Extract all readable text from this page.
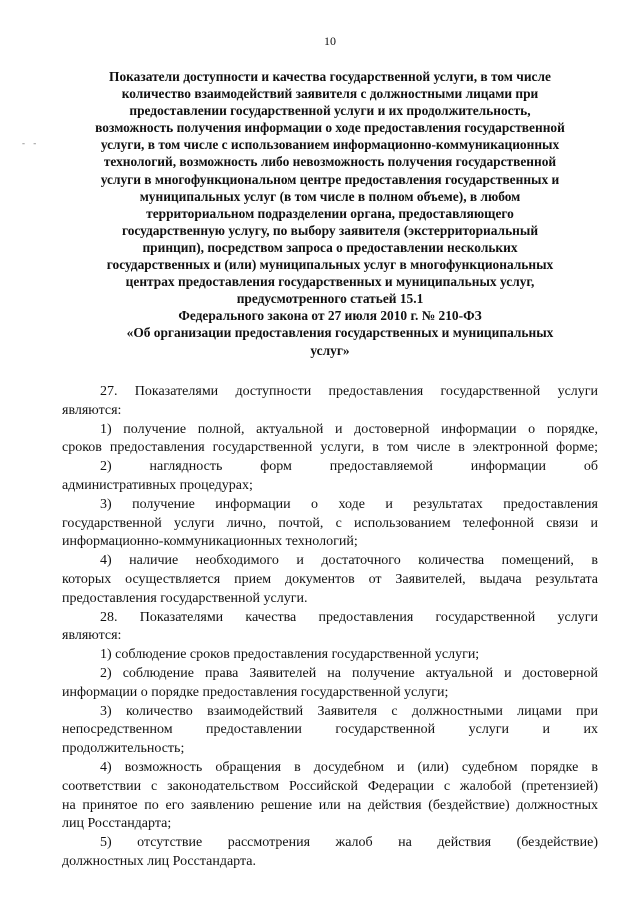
10
- -
Показатели доступности и качества государственной услуги, в том числе
количество взаимодействий заявителя с должностными лицами при
предоставлении государственной услуги и их продолжительность,
возможность получения информации о ходе предоставления государственной
услуги, в том числе с использованием информационно-коммуникационных
технологий, возможность либо невозможность получения государственной
услуги в многофункциональном центре предоставления государственных и
муниципальных услуг (в том числе в полном объеме), в любом
территориальном подразделении органа, предоставляющего
государственную услугу, по выбору заявителя (экстерриториальный
принцип), посредством запроса о предоставлении нескольких
государственных и (или) муниципальных услуг в многофункциональных
центрах предоставления государственных и муниципальных услуг,
предусмотренного статьей 15.1
Федерального закона от 27 июля 2010 г. № 210-ФЗ
«Об организации предоставления государственных и муниципальных
услуг»
27. Показателями доступности предоставления государственной услуги
являются:
1) получение полной, актуальной и достоверной информации о порядке,
сроков предоставления государственной услуги, в том числе в электронной форме;
2) наглядность форм предоставляемой информации об
административных процедурах;
3) получение информации о ходе и результатах предоставления
государственной услуги лично, почтой, с использованием телефонной связи и
информационно-коммуникационных технологий;
4) наличие необходимого и достаточного количества помещений, в
которых осуществляется прием документов от Заявителей, выдача результата
предоставления государственной услуги.
28. Показателями качества предоставления государственной услуги
являются:
1) соблюдение сроков предоставления государственной услуги;
2) соблюдение права Заявителей на получение актуальной и достоверной
информации о порядке предоставления государственной услуги;
3) количество взаимодействий Заявителя с должностными лицами при
непосредственном предоставлении государственной услуги и их
продолжительность;
4) возможность обращения в досудебном и (или) судебном порядке в
соответствии с законодательством Российской Федерации с жалобой (претензией)
на принятое по его заявлению решение или на действия (бездействие) должностных
лиц Росстандарта;
5) отсутствие рассмотрения жалоб на действия (бездействие)
должностных лиц Росстандарта.
